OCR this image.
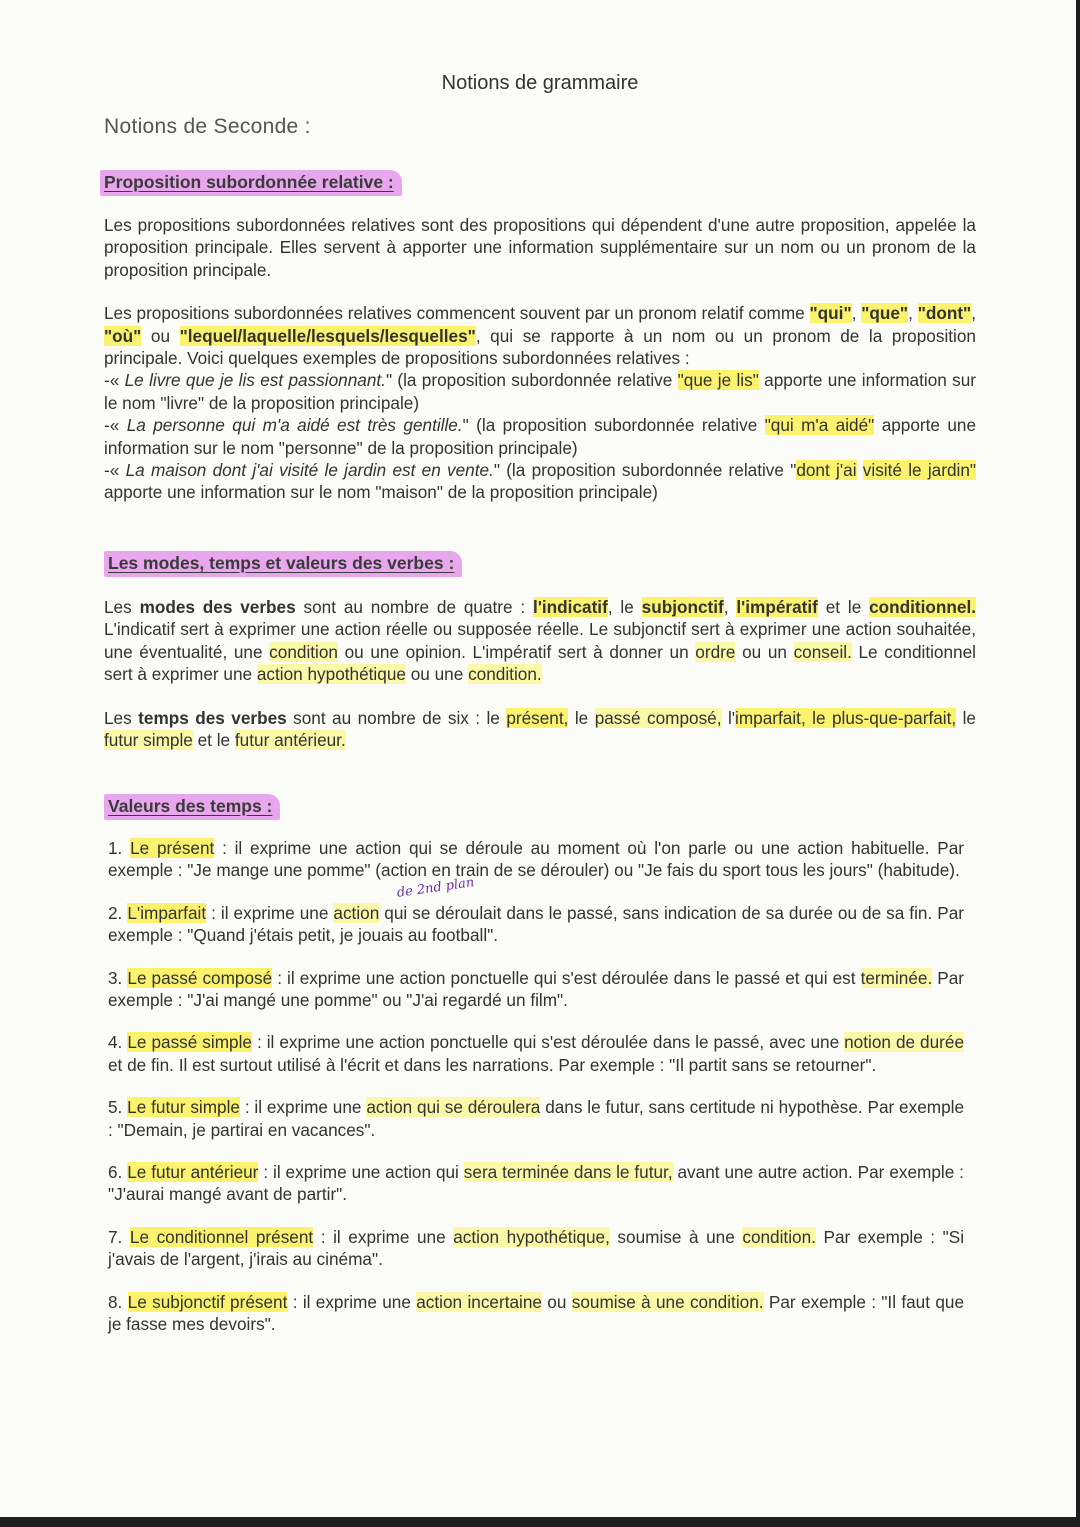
Notions de grammaire
Notions de Seconde :
Proposition subordonnée relative :

Les propositions subordonnées relatives sont des propositions qui dépendent d'une autre proposition, appelée la proposition principale. Elles servent à apporter une information supplémentaire sur un nom ou un pronom de la proposition principale.

Les propositions subordonnées relatives commencent souvent par un pronom relatif comme "qui", "que", "dont", "où" ou "lequel/laquelle/lesquels/lesquelles", qui se rapporte à un nom ou un pronom de la proposition principale. Voici quelques exemples de propositions subordonnées relatives :

-« Le livre que je lis est passionnant." (la proposition subordonnée relative "que je lis" apporte une information sur le nom "livre" de la proposition principale)

-« La personne qui m'a aidé est très gentille." (la proposition subordonnée relative "qui m'a aidé" apporte une information sur le nom "personne" de la proposition principale)

-« La maison dont j'ai visité le jardin est en vente." (la proposition subordonnée relative "dont j'ai visité le jardin" apporte une information sur le nom "maison" de la proposition principale)

Les modes, temps et valeurs des verbes :

Les modes des verbes sont au nombre de quatre : l'indicatif, le subjonctif, l'impératif et le conditionnel. L'indicatif sert à exprimer une action réelle ou supposée réelle. Le subjonctif sert à exprimer une action souhaitée, une éventualité, une condition ou une opinion. L'impératif sert à donner un ordre ou un conseil. Le conditionnel sert à exprimer une action hypothétique ou une condition.

Les temps des verbes sont au nombre de six : le présent, le passé composé, l'imparfait, le plus-que-parfait, le futur simple et le futur antérieur.

Valeurs des temps :

1. Le présent : il exprime une action qui se déroule au moment où l'on parle ou une action habituelle. Par exemple : "Je mange une pomme" (action en train de se dérouler) ou "Je fais du sport tous les jours" (habitude).

2. L'imparfait : il exprime une action qui se déroulait dans le passé, sans indication de sa durée ou de sa fin. Par exemple : "Quand j'étais petit, je jouais au football".

3. Le passé composé : il exprime une action ponctuelle qui s'est déroulée dans le passé et qui est terminée. Par exemple : "J'ai mangé une pomme" ou "J'ai regardé un film".

4. Le passé simple : il exprime une action ponctuelle qui s'est déroulée dans le passé, avec une notion de durée et de fin. Il est surtout utilisé à l'écrit et dans les narrations. Par exemple : "Il partit sans se retourner".

5. Le futur simple : il exprime une action qui se déroulera dans le futur, sans certitude ni hypothèse. Par exemple : "Demain, je partirai en vacances".

6. Le futur antérieur : il exprime une action qui sera terminée dans le futur, avant une autre action. Par exemple : "J'aurai mangé avant de partir".

7. Le conditionnel présent : il exprime une action hypothétique, soumise à une condition. Par exemple : "Si j'avais de l'argent, j'irais au cinéma".

8. Le subjonctif présent : il exprime une action incertaine ou soumise à une condition. Par exemple : "Il faut que je fasse mes devoirs".

de 2nd plan
